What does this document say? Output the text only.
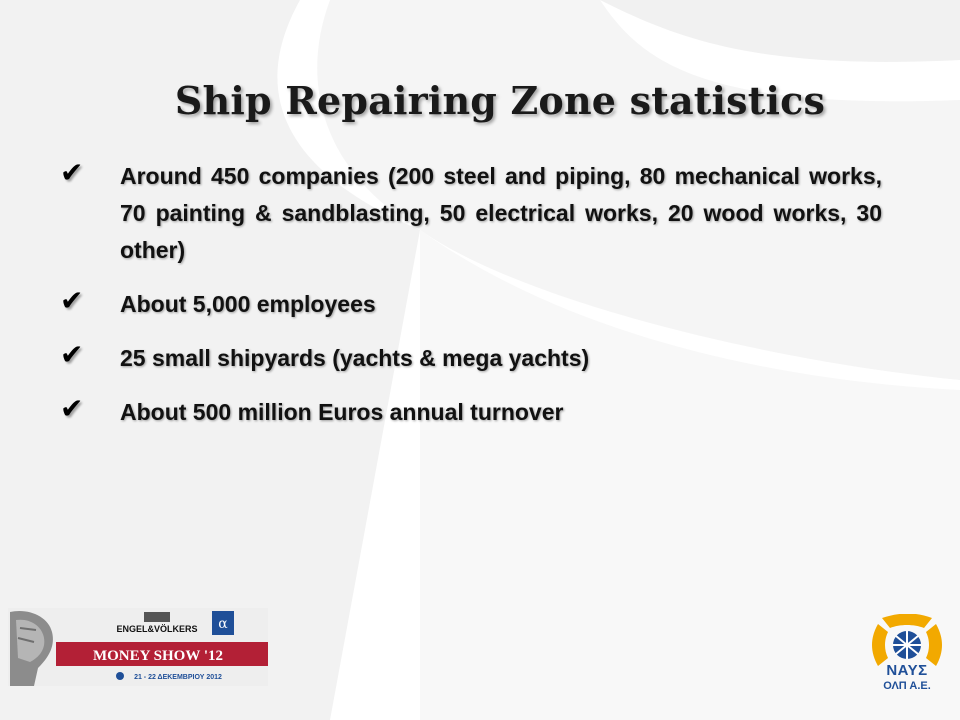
Ship Repairing Zone statistics
✔ Around 450 companies (200 steel and piping, 80 mechanical works, 70 painting & sandblasting, 50 electrical works, 20 wood works, 30 other)
✔ About 5,000 employees
✔ 25 small shipyards (yachts & mega yachts)
✔ About 500 million Euros annual turnover
ENGEL&VÖLKERS α
MONEY SHOW '12
21 - 22 ΔΕΚΕΜΒΡΙΟΥ 2012	ΝΑΥΣ
ΟΛΠ Α.Ε.
